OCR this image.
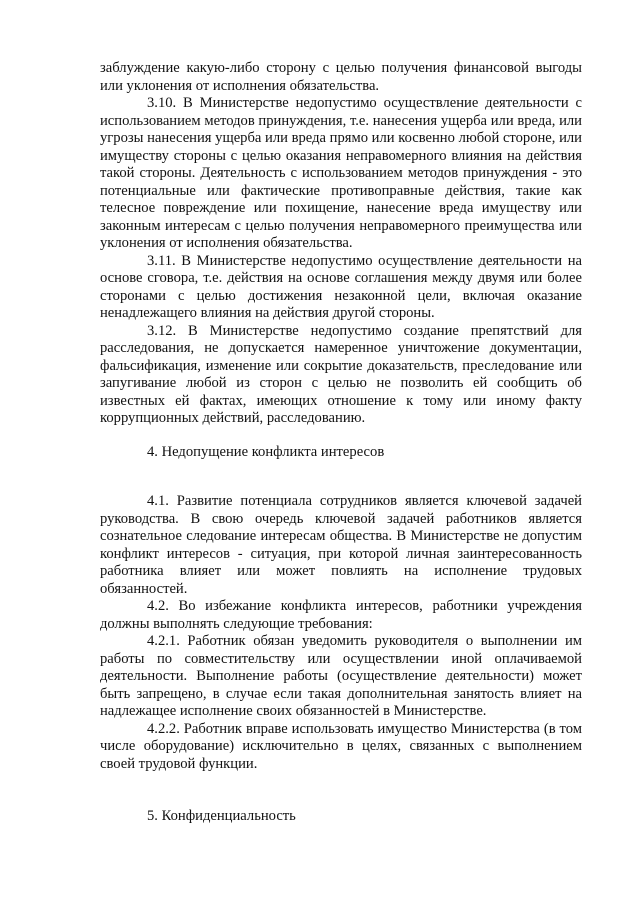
заблуждение какую-либо сторону с целью получения финансовой выгоды или уклонения от исполнения обязательства.

3.10. В Министерстве недопустимо осуществление деятельности с использованием методов принуждения, т.е. нанесения ущерба или вреда, или угрозы нанесения ущерба или вреда прямо или косвенно любой стороне, или имуществу стороны с целью оказания неправомерного влияния на действия такой стороны. Деятельность с использованием методов принуждения - это потенциальные или фактические противоправные действия, такие как телесное повреждение или похищение, нанесение вреда имуществу или законным интересам с целью получения неправомерного преимущества или уклонения от исполнения обязательства.

3.11. В Министерстве недопустимо осуществление деятельности на основе сговора, т.е. действия на основе соглашения между двумя или более сторонами с целью достижения незаконной цели, включая оказание ненадлежащего влияния на действия другой стороны.

3.12. В Министерстве недопустимо создание препятствий для расследования, не допускается намеренное уничтожение документации, фальсификация, изменение или сокрытие доказательств, преследование или запугивание любой из сторон с целью не позволить ей сообщить об известных ей фактах, имеющих отношение к тому или иному факту коррупционных действий, расследованию.

4. Недопущение конфликта интересов

4.1. Развитие потенциала сотрудников является ключевой задачей руководства. В свою очередь ключевой задачей работников является сознательное следование интересам общества. В Министерстве не допустим конфликт интересов - ситуация, при которой личная заинтересованность работника влияет или может повлиять на исполнение трудовых обязанностей.

4.2. Во избежание конфликта интересов, работники учреждения должны выполнять следующие требования:

4.2.1. Работник обязан уведомить руководителя о выполнении им работы по совместительству или осуществлении иной оплачиваемой деятельности. Выполнение работы (осуществление деятельности) может быть запрещено, в случае если такая дополнительная занятость влияет на надлежащее исполнение своих обязанностей в Министерстве.

4.2.2. Работник вправе использовать имущество Министерства (в том числе оборудование) исключительно в целях, связанных с выполнением своей трудовой функции.

5. Конфиденциальность
